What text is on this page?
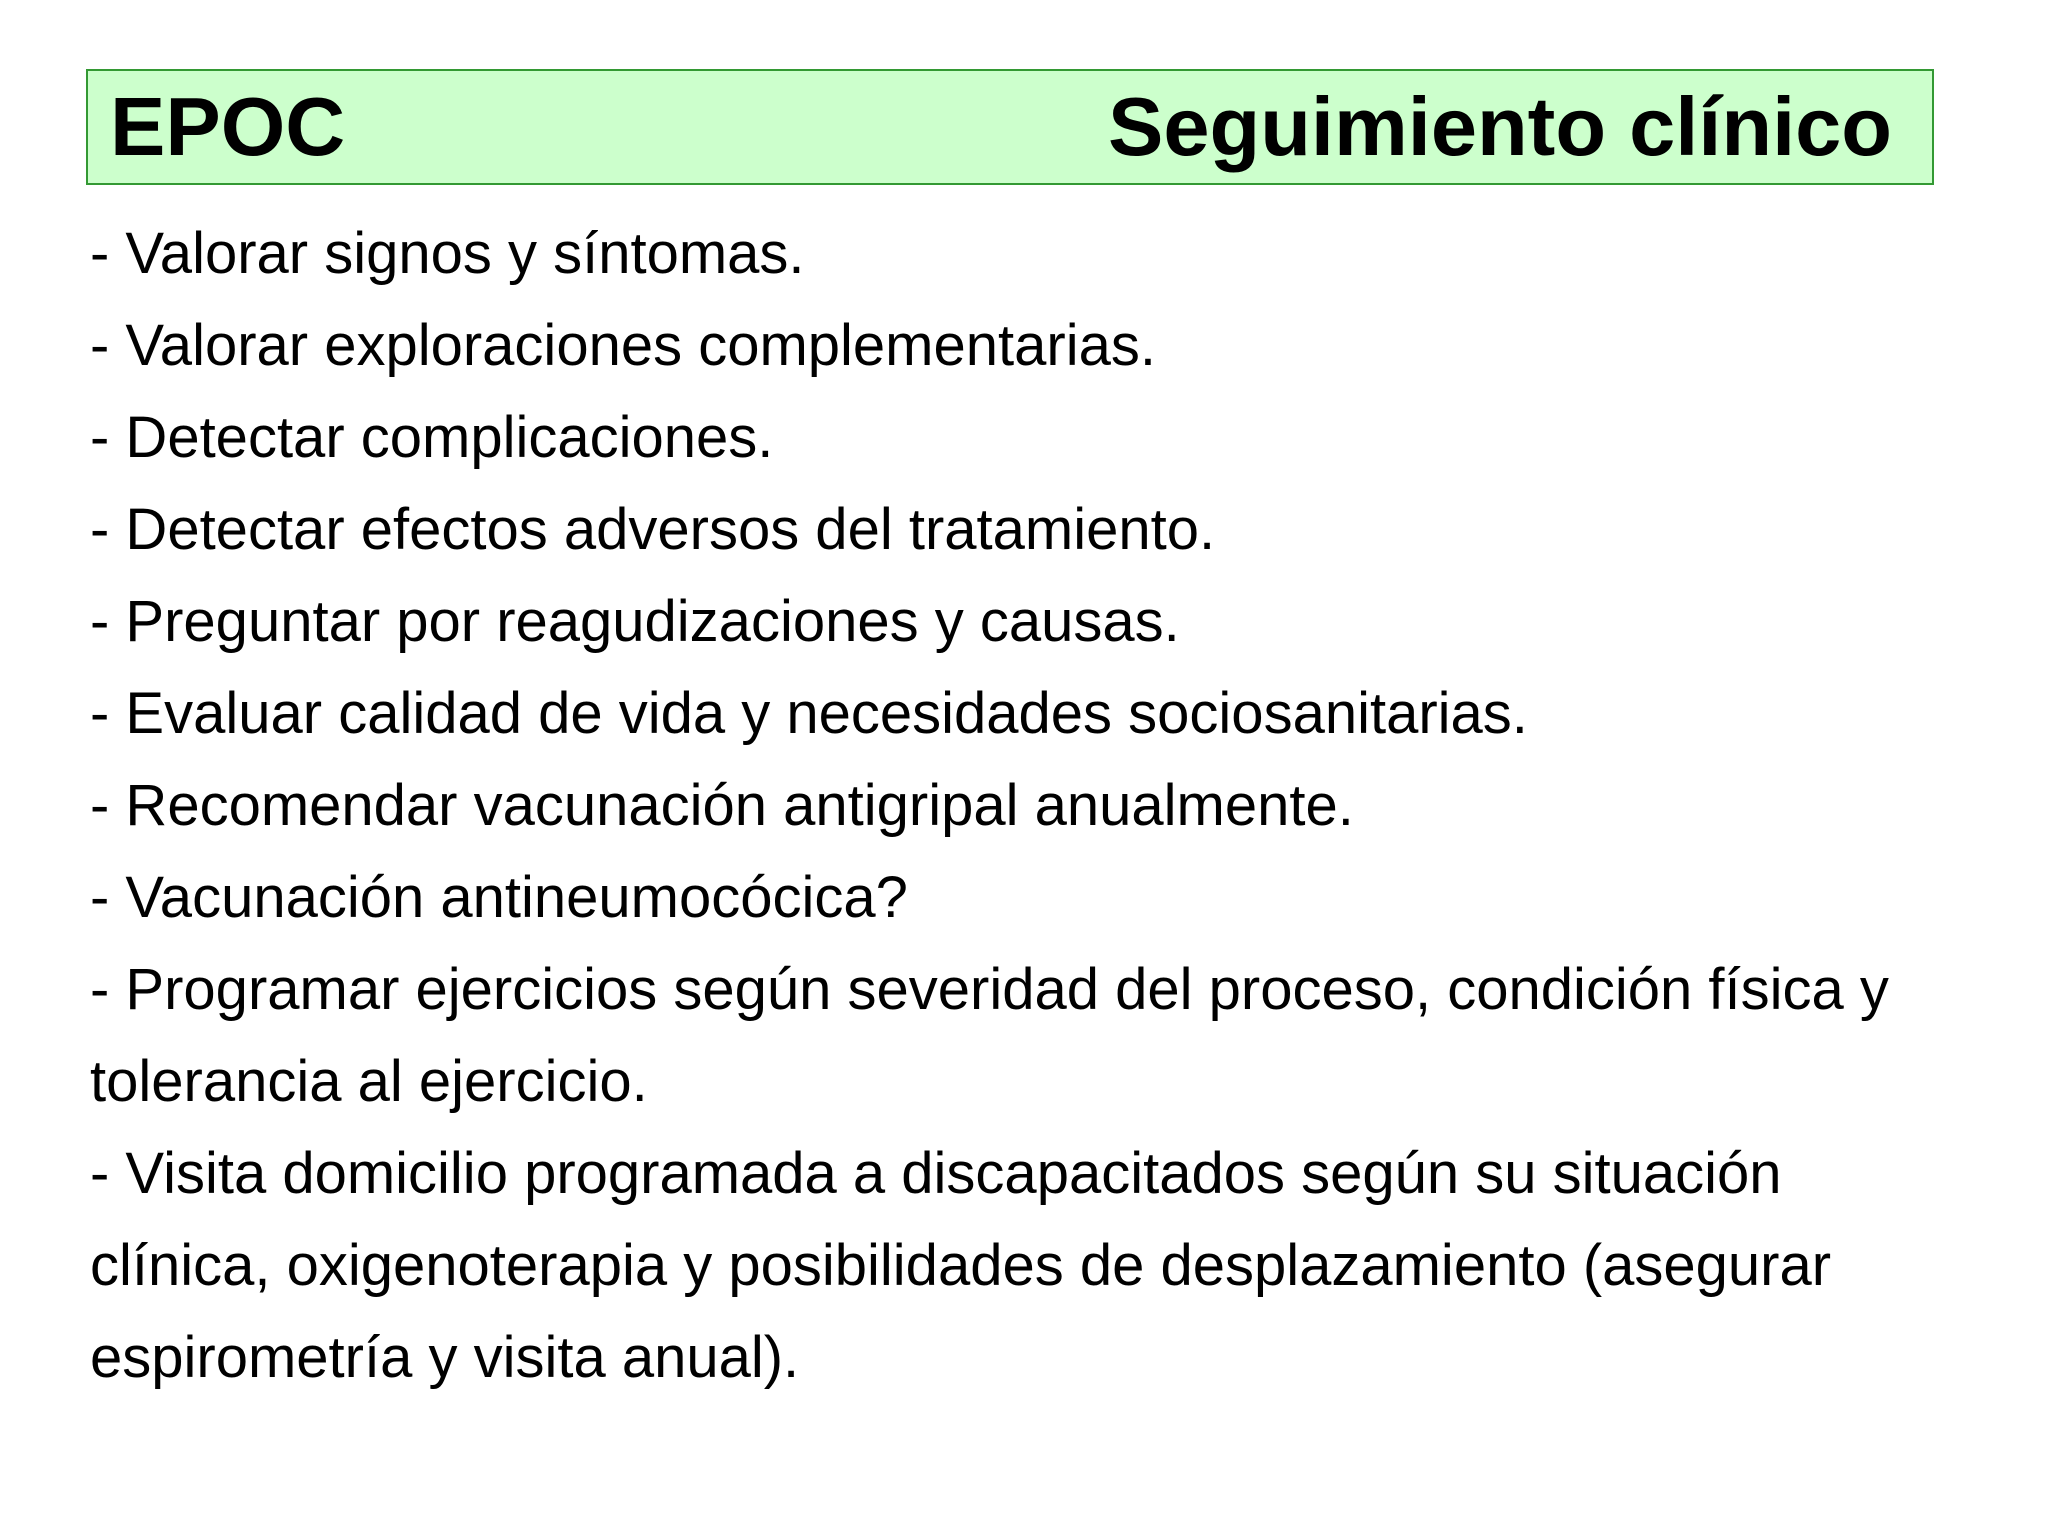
EPOC	Seguimiento clínico

- Valorar signos y síntomas.

- Valorar exploraciones complementarias.

- Detectar complicaciones.

- Detectar efectos adversos del tratamiento.

- Preguntar por reagudizaciones y causas.

- Evaluar calidad de vida y necesidades sociosanitarias.

- Recomendar vacunación antigripal anualmente.

- Vacunación antineumocócica?

- Programar ejercicios según severidad del proceso, condición física y tolerancia al ejercicio.

- Visita domicilio programada a discapacitados según su situación clínica, oxigenoterapia y posibilidades de desplazamiento (asegurar espirometría y visita anual).
